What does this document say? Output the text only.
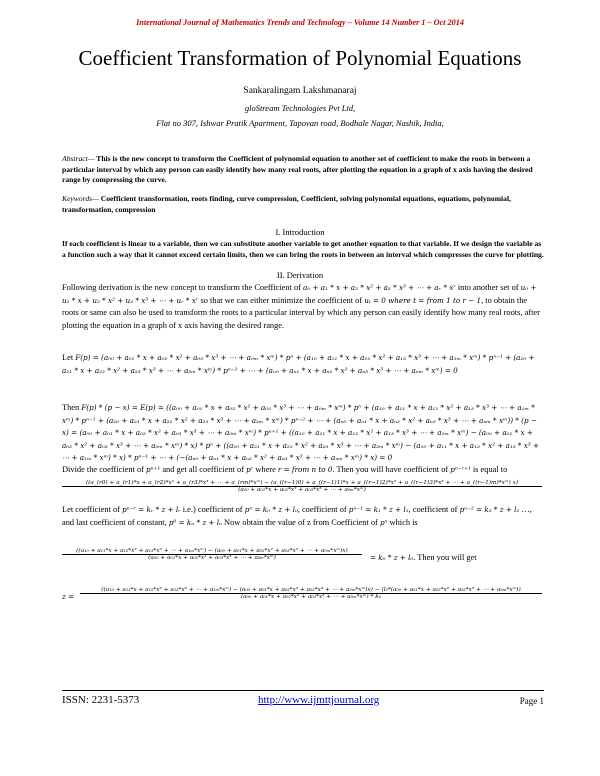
International Journal of Mathematics Trends and Technology – Volume 14 Number 1 – Oct 2014
Coefficient Transformation of Polynomial Equations
Sankaralingam Lakshmanaraj
gloStream Technologies Pvt Ltd,
Flat no 307, Ishwar Pratik Apartment, Tapovan road, Bodhale Nagar, Nashik, India,
Abstract— This is the new concept to transform the Coefficient of polynomial equation to another set of coefficient to make the roots in between a particular interval by which any person can easily identify how many real roots, after plotting the equation in a graph of x axis having the desired range by compressing the curve.
Keywords— Coefficient transformation, roots finding, curve compression, Coefficient, solving polynomial equations, equations, polynomial, transformation, compression
I. Introduction
If each coefficient is linear to a variable, then we can substitute another variable to get another equation to that variable. If we design the variable as a function such a way that it cannot exceed certain limits, then we can bring the roots in between an interval which compresses the curve for plotting.
II. Derivation
Following derivation is the new concept to transform the Coefficient of a₀ + a₁ * x + a₂ * x² + a₃ * x³ + ⋯ + aᵣ * xʳ into another set of u₀ + u₁ * x + u₂ * x² + u₃ * x³ + ⋯ + uᵣ * xʳ so that we can either minimize the coefficient of uₜ = 0 where t = from 1 to r − 1, to obtain the roots or same can also be used to transform the roots to a particular interval by which any person can easily identify how many real roots, after plotting the equation in a graph of x axis having the desired range.
Let F(p) = (a₀₀ + a₀₁ * x + a₀₂ * x² + a₀₃ * x³ + ⋯ + a₀ₘ * xᵐ) * pⁿ + (a₁₀ + a₁₁ * x + a₁₂ * x² + a₁₃ * x³ + ⋯ + a₁ₘ * xᵐ) * pⁿ⁻¹ + (a₂₀ + a₂₁ * x + a₂₂ * x² + a₂₃ * x³ + ⋯ + a₂ₘ * xᵐ) * pⁿ⁻² + ⋯ + (aₙ₀ + aₙ₁ * x + aₙ₂ * x² + aₙ₃ * x³ + ⋯ + aₙₘ * xᵐ) = 0
Then F(p) * (p − x) = E(p) = ((a₀₀ + a₀₁ * x + a₀₂ * x² + a₀₃ * x³ + ⋯ + a₀ₘ * xᵐ) * pⁿ + (a₁₀ + a₁₁ * x + a₁₂ * x² + a₁₃ * x³ + ⋯ + a₁ₘ * xᵐ) * pⁿ⁻¹ + (a₂₀ + a₂₁ * x + a₂₂ * x² + a₂₃ * x³ + ⋯ + a₂ₘ * xᵐ) * pⁿ⁻² + ⋯ + (aₙ₀ + aₙ₁ * x + aₙ₂ * x² + aₙ₃ * x³ + ⋯ + aₙₘ * xᵐ)) * (p − x) = (a₀₀ + a₀₁ * x + a₀₂ * x² + a₀₃ * x³ + ⋯ + a₀ₘ * xᵐ) * pⁿ⁺¹ + ((a₁₀ + a₁₁ * x + a₁₂ * x² + a₁₃ * x³ + ⋯ + a₁ₘ * xᵐ) − (a₀₀ + a₀₁ * x + a₀₂ * x² + a₀₃ * x³ + ⋯ + a₀ₘ * xᵐ) * x) * pⁿ + ((a₂₀ + a₂₁ * x + a₂₂ * x² + a₂₃ * x³ + ⋯ + a₂ₘ * xᵐ) − (a₁₀ + a₁₁ * x + a₁₂ * x² + a₁₃ * x³ + ⋯ + a₁ₘ * xᵐ) * x) * pⁿ⁻¹ + ⋯ + (−(aₙ₀ + aₙ₁ * x + aₙ₂ * x² + aₙ₃ * x³ + ⋯ + aₙₘ * xᵐ) * x) = 0
Divide the coefficient of pⁿ⁺¹ and get all coefficient of pʳ where r = from n to 0. Then you will have coefficient of pⁿ⁻ʳ⁺¹ is equal to
((a_(r0) + a_(r1)*x + a_(r2)*x² + a_(r3)*x³ + ⋯ + a_(rm)*xᵐ) − (a_((r−1)0) + a_((r−1)1)*x + a_((r−1)2)*x² + a_((r−1)3)*x³ + ⋯ + a_((r−1)m)*xᵐ) x)
(a₀₀ + a₀₁*x + a₀₂*x² + a₀₃*x³ + ⋯ + a₀ₘ*xᵐ)
Let coefficient of pⁿ⁻ʳ = kᵣ * z + lᵣ i.e.) coefficient of pⁿ = k₀ * z + l₀, coefficient of pⁿ⁻¹ = k₁ * z + l₁, coefficient of pⁿ⁻² = k₂ * z + l₂ …, and last coefficient of constant, p⁰ = kₙ * z + lₙ Now obtain the value of z from Coefficient of pⁿ which is
((a₁₀ + a₁₁*x + a₁₂*x² + a₁₃*x³ + ⋯ + a₁ₘ*xᵐ) − (a₀₀ + a₀₁*x + a₀₂*x² + a₀₃*x³ + ⋯ + a₀ₘ*xᵐ)x)
(a₀₀ + a₀₁*x + a₀₂*x² + a₀₃*x³ + ⋯ + a₀ₘ*xᵐ)	= k₀ * z + l₀. Then you will get
z =
((a₁₀ + a₁₁*x + a₁₂*x² + a₁₃*x³ + ⋯ + a₁ₘ*xᵐ) − (a₀₀ + a₀₁*x + a₀₂*x² + a₀₃*x³ + ⋯ + a₀ₘ*xᵐ)x) − (l₀*(a₀₀ + a₀₁*x + a₀₂*x² + a₀₃*x³ + ⋯ + a₀ₘ*xᵐ))
(a₀₀ + a₀₁*x + a₀₂*x² + a₀₃*x³ + ⋯ + a₀ₘ*xᵐ) * k₀
ISSN: 2231-5373	http://www.ijmttjournal.org	Page 1
